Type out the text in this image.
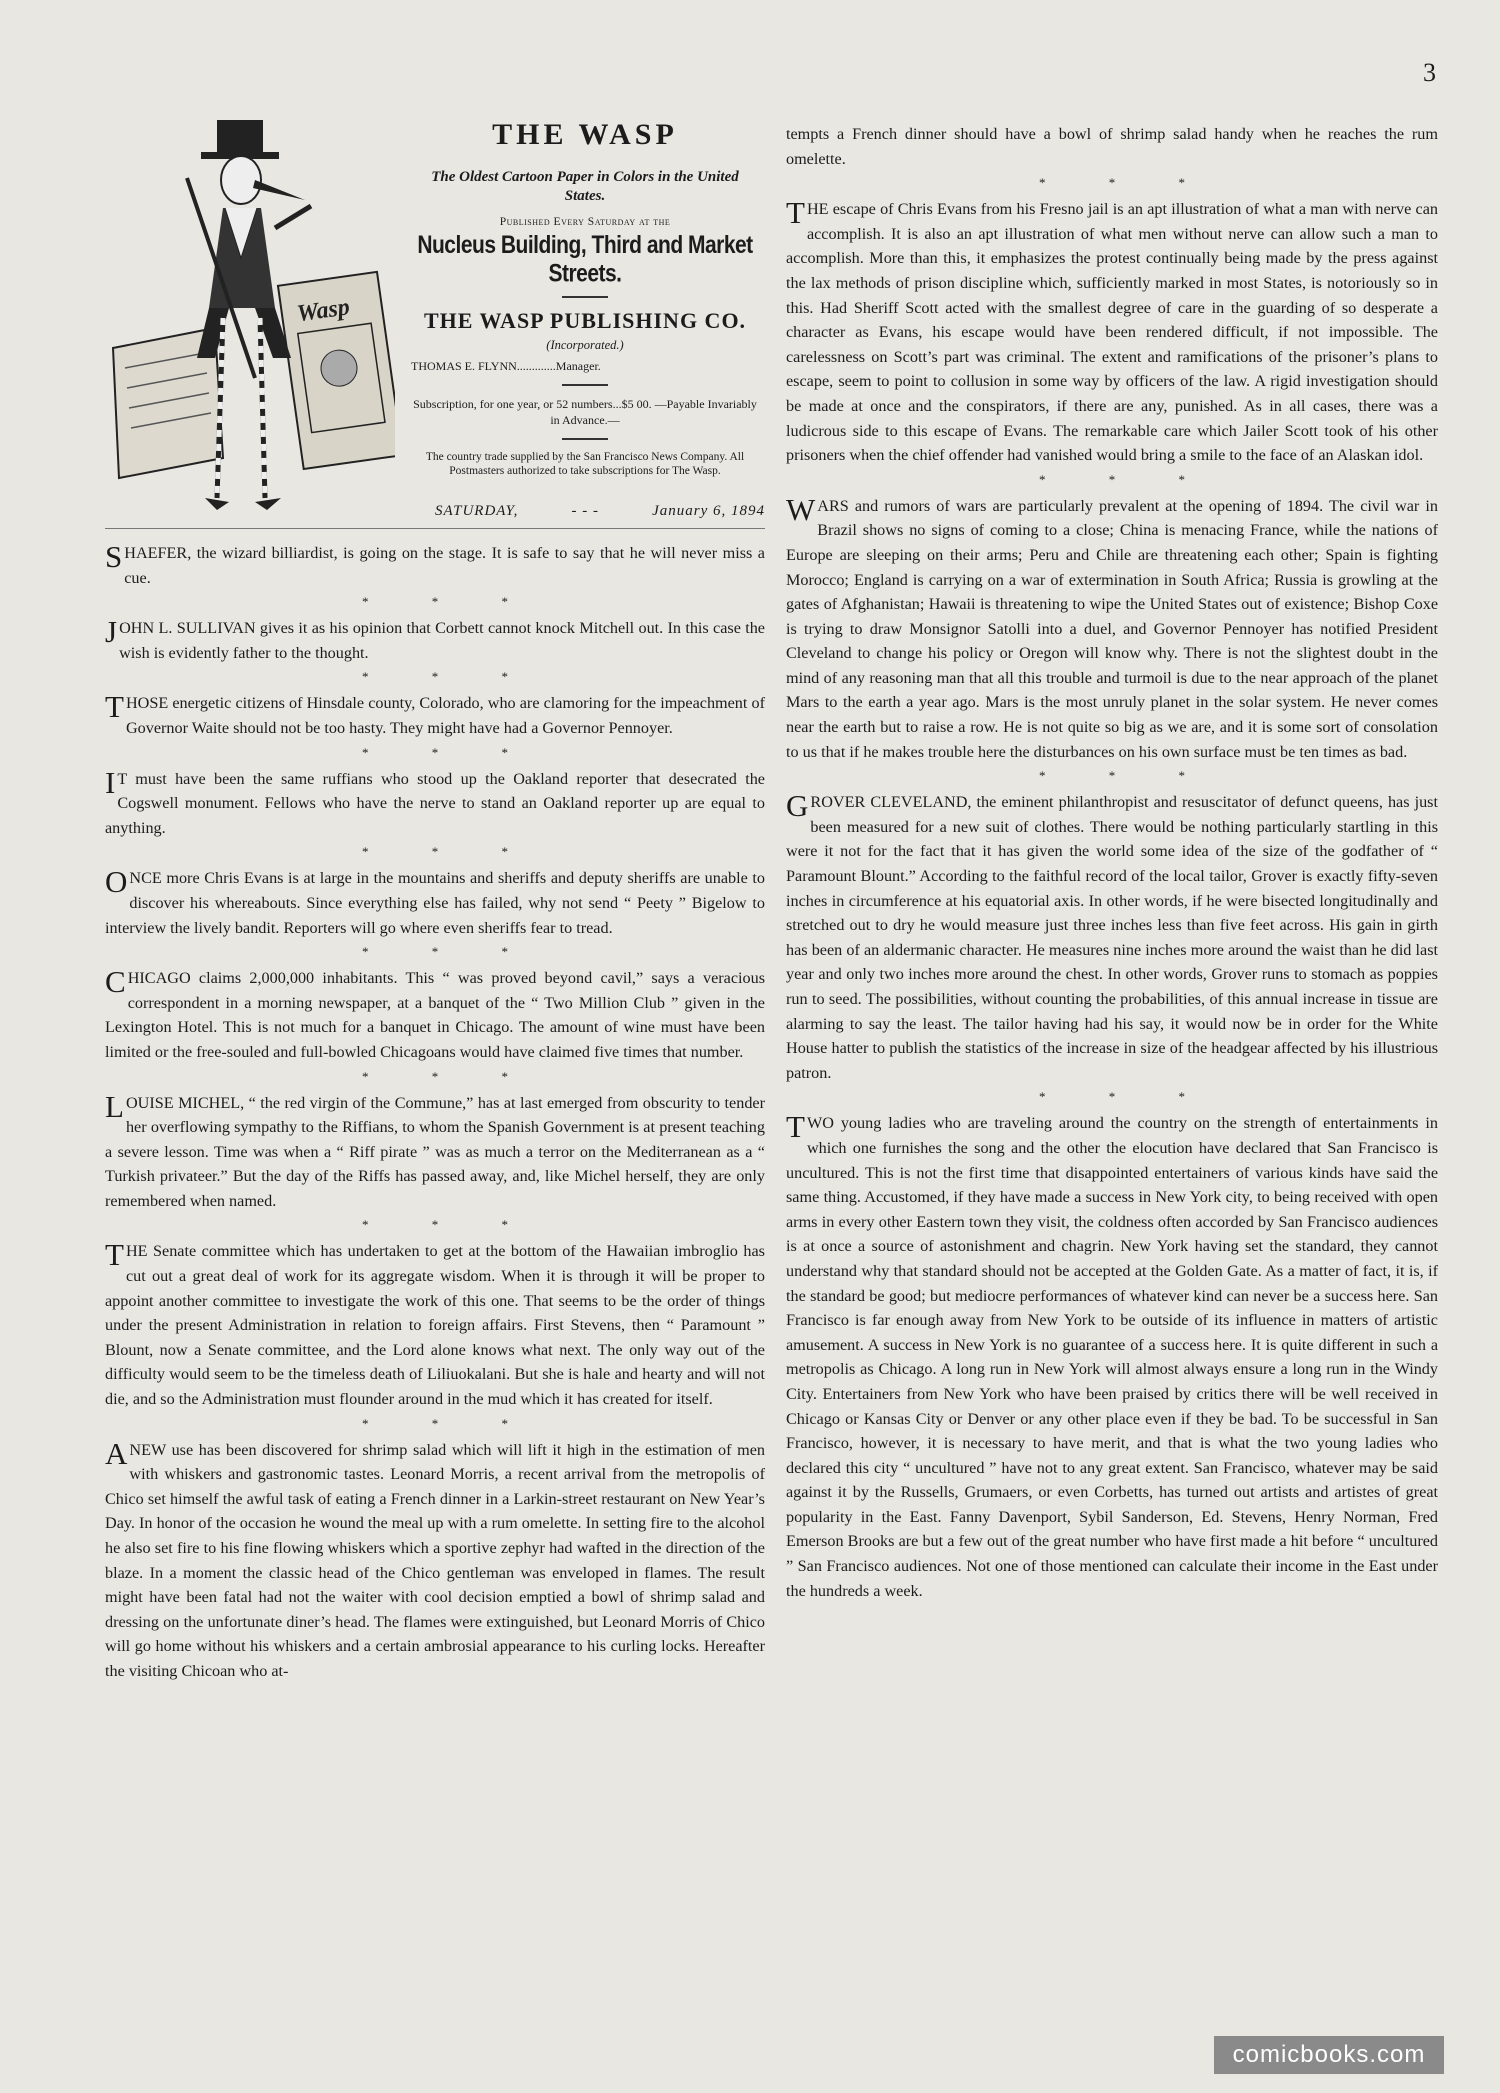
3
Wasp
THE WASP
The Oldest Cartoon Paper in Colors in the United States.
Published Every Saturday at the
Nucleus Building, Third and Market Streets.
THE WASP PUBLISHING CO.
(Incorporated.)
THOMAS E. FLYNN.............Manager.
Subscription, for one year, or 52 numbers...$5 00. —Payable Invariably in Advance.—
The country trade supplied by the San Francisco News Company. All Postmasters authorized to take subscriptions for The Wasp.
SATURDAY,	- - -	January 6, 1894

SHAEFER, the wizard billiardist, is going on the stage. It is safe to say that he will never miss a cue.

* * *

JOHN L. SULLIVAN gives it as his opinion that Corbett cannot knock Mitchell out. In this case the wish is evidently father to the thought.

* * *

THOSE energetic citizens of Hinsdale county, Colorado, who are clamoring for the impeachment of Governor Waite should not be too hasty. They might have had a Governor Pennoyer.

* * *

I T must have been the same ruffians who stood up the Oakland reporter that desecrated the Cogswell monument. Fellows who have the nerve to stand an Oakland reporter up are equal to anything.

* * *

ONCE more Chris Evans is at large in the mountains and sheriffs and deputy sheriffs are unable to discover his whereabouts. Since everything else has failed, why not send “ Peety ” Bigelow to interview the lively bandit. Reporters will go where even sheriffs fear to tread.

* * *

CHICAGO claims 2,000,000 inhabitants. This “ was proved beyond cavil,” says a veracious correspondent in a morning newspaper, at a banquet of the “ Two Million Club ” given in the Lexington Hotel. This is not much for a banquet in Chicago. The amount of wine must have been limited or the free-souled and full-bowled Chicagoans would have claimed five times that number.

* * *

LOUISE MICHEL, “ the red virgin of the Commune,” has at last emerged from obscurity to tender her overflowing sympathy to the Riffians, to whom the Spanish Government is at present teaching a severe lesson. Time was when a “ Riff pirate ” was as much a terror on the Mediterranean as a “ Turkish privateer.” But the day of the Riffs has passed away, and, like Michel herself, they are only remembered when named.

* * *

THE Senate committee which has undertaken to get at the bottom of the Hawaiian imbroglio has cut out a great deal of work for its aggregate wisdom. When it is through it will be proper to appoint another committee to investigate the work of this one. That seems to be the order of things under the present Administration in relation to foreign affairs. First Stevens, then “ Paramount ” Blount, now a Senate committee, and the Lord alone knows what next. The only way out of the difficulty would seem to be the timeless death of Liliuokalani. But she is hale and hearty and will not die, and so the Administration must flounder around in the mud which it has created for itself.

* * *

A NEW use has been discovered for shrimp salad which will lift it high in the estimation of men with whiskers and gastronomic tastes. Leonard Morris, a recent arrival from the metropolis of Chico set himself the awful task of eating a French dinner in a Larkin-street restaurant on New Year’s Day. In honor of the occasion he wound the meal up with a rum omelette. In setting fire to the alcohol he also set fire to his fine flowing whiskers which a sportive zephyr had wafted in the direction of the blaze. In a moment the classic head of the Chico gentleman was enveloped in flames. The result might have been fatal had not the waiter with cool decision emptied a bowl of shrimp salad and dressing on the unfortunate diner’s head. The flames were extinguished, but Leonard Morris of Chico will go home without his whiskers and a certain ambrosial appearance to his curling locks. Hereafter the visiting Chicoan who at-

tempts a French dinner should have a bowl of shrimp salad handy when he reaches the rum omelette.

* * *

THE escape of Chris Evans from his Fresno jail is an apt illustration of what a man with nerve can accomplish. It is also an apt illustration of what men without nerve can allow such a man to accomplish. More than this, it emphasizes the protest continually being made by the press against the lax methods of prison discipline which, sufficiently marked in most States, is notoriously so in this. Had Sheriff Scott acted with the smallest degree of care in the guarding of so desperate a character as Evans, his escape would have been rendered difficult, if not impossible. The carelessness on Scott’s part was criminal. The extent and ramifications of the prisoner’s plans to escape, seem to point to collusion in some way by officers of the law. A rigid investigation should be made at once and the conspirators, if there are any, punished. As in all cases, there was a ludicrous side to this escape of Evans. The remarkable care which Jailer Scott took of his other prisoners when the chief offender had vanished would bring a smile to the face of an Alaskan idol.

* * *

WARS and rumors of wars are particularly prevalent at the opening of 1894. The civil war in Brazil shows no signs of coming to a close; China is menacing France, while the nations of Europe are sleeping on their arms; Peru and Chile are threatening each other; Spain is fighting Morocco; England is carrying on a war of extermination in South Africa; Russia is growling at the gates of Afghanistan; Hawaii is threatening to wipe the United States out of existence; Bishop Coxe is trying to draw Monsignor Satolli into a duel, and Governor Pennoyer has notified President Cleveland to change his policy or Oregon will know why. There is not the slightest doubt in the mind of any reasoning man that all this trouble and turmoil is due to the near approach of the planet Mars to the earth a year ago. Mars is the most unruly planet in the solar system. He never comes near the earth but to raise a row. He is not quite so big as we are, and it is some sort of consolation to us that if he makes trouble here the disturbances on his own surface must be ten times as bad.

* * *

GROVER CLEVELAND, the eminent philanthropist and resuscitator of defunct queens, has just been measured for a new suit of clothes. There would be nothing particularly startling in this were it not for the fact that it has given the world some idea of the size of the godfather of “ Paramount Blount.” According to the faithful record of the local tailor, Grover is exactly fifty-seven inches in circumference at his equatorial axis. In other words, if he were bisected longitudinally and stretched out to dry he would measure just three inches less than five feet across. His gain in girth has been of an aldermanic character. He measures nine inches more around the waist than he did last year and only two inches more around the chest. In other words, Grover runs to stomach as poppies run to seed. The possibilities, without counting the probabilities, of this annual increase in tissue are alarming to say the least. The tailor having had his say, it would now be in order for the White House hatter to publish the statistics of the increase in size of the headgear affected by his illustrious patron.

* * *

TWO young ladies who are traveling around the country on the strength of entertainments in which one furnishes the song and the other the elocution have declared that San Francisco is uncultured. This is not the first time that disappointed entertainers of various kinds have said the same thing. Accustomed, if they have made a success in New York city, to being received with open arms in every other Eastern town they visit, the coldness often accorded by San Francisco audiences is at once a source of astonishment and chagrin. New York having set the standard, they cannot understand why that standard should not be accepted at the Golden Gate. As a matter of fact, it is, if the standard be good; but mediocre performances of whatever kind can never be a success here. San Francisco is far enough away from New York to be outside of its influence in matters of artistic amusement. A success in New York is no guarantee of a success here. It is quite different in such a metropolis as Chicago. A long run in New York will almost always ensure a long run in the Windy City. Entertainers from New York who have been praised by critics there will be well received in Chicago or Kansas City or Denver or any other place even if they be bad. To be successful in San Francisco, however, it is necessary to have merit, and that is what the two young ladies who declared this city “ uncultured ” have not to any great extent. San Francisco, whatever may be said against it by the Russells, Grumaers, or even Corbetts, has turned out artists and artistes of great popularity in the East. Fanny Davenport, Sybil Sanderson, Ed. Stevens, Henry Norman, Fred Emerson Brooks are but a few out of the great number who have first made a hit before “ uncultured ” San Francisco audiences. Not one of those mentioned can calculate their income in the East under the hundreds a week.

comicbooks.com
